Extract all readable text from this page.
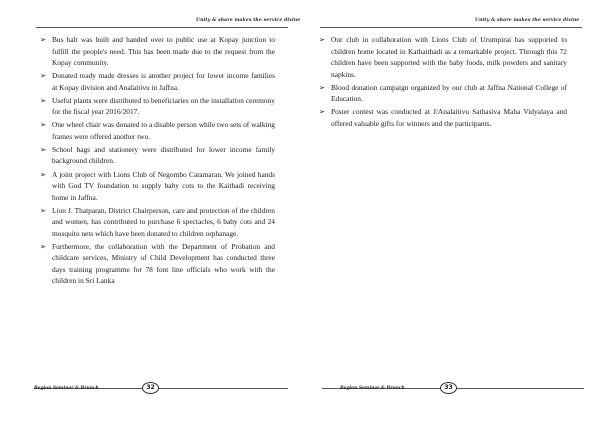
Unity & share makes the service divine
➢ Bus halt was built and handed over to public use at Kopay junction to fulfill the people's need. This has been made due to the request from the Kopay community.
➢ Donated ready made dresses is another project for lower income families at Kopay division and Analaitivu in Jaffna.
➢ Useful plants were distributed to beneficiaries on the installation ceremony for the fiscal year 2016/2017.
➢ One wheel chair was donated to a disable person while two sets of walking frames were offered another two.
➢ School bags and stationery were distributed for lower income family background children.
➢ A joint project with Lions Club of Negombo Catamaran. We joined hands with God TV foundation to supply baby cots to the Kaithadi receiving home in Jaffna.
➢ Lion J. Thatparan, District Chairperson, care and protection of the children and women, has contributed to purchase 6 spectacles, 6 baby cots and 24 mosquito nets which have been donated to children orphanage.
➢ Furthermore, the collaboration with the Department of Probation and childcare services, Ministry of Child Development has conducted three days training programme for 78 font line officials who work with the children in Sri Lanka
Region Seminar & Brunch	32
Unity & share makes the service divine
➢ Our club in collaboration with Lions Club of Urumpirai has supported to children home located in Kathaithadi as a remarkable project. Through this 72 children have been supported with the baby foods, milk powders and sanitary napkins.
➢ Blood donation campaign organized by our club at Jaffna National College of Education.
➢ Poster contest was conducted at J/Analaitivu Sathasiva Maha Vidyalaya and offered valuable gifts for winners and the participants.
Region Seminar & Brunch	33
